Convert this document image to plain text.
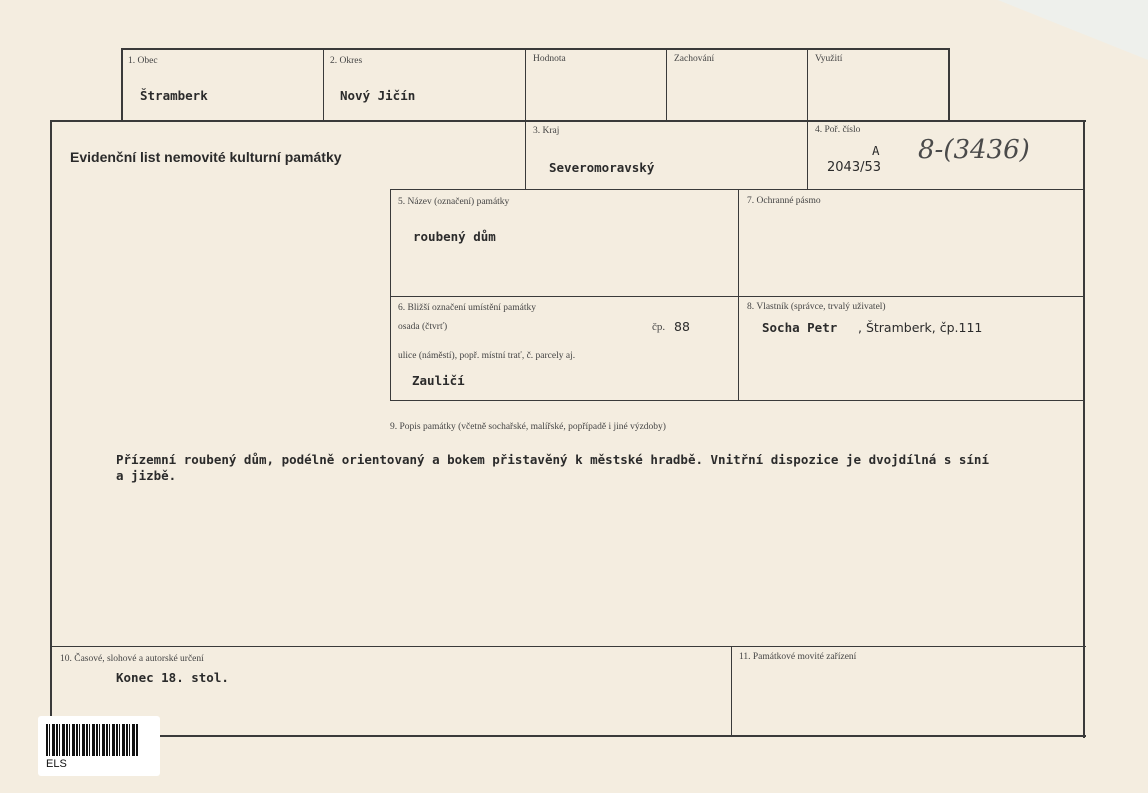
1. Obec
Štramberk
2. Okres
Nový Jičín
Hodnota	Zachování	Využití
Evidenční list nemovité kulturní památky
3. Kraj
Severomoravský
4. Poř. číslo
A
2043/53
8-(3436)
5. Název (označení) památky
roubený dům
7. Ochranné pásmo
6. Bližší označení umístění památky
osada (čtvrť)	čp. 88
ulice (náměstí), popř. místní trať, č. parcely aj.
Zauličí
8. Vlastník (správce, trvalý uživatel)
Socha Petr , Štramberk, čp.111
9. Popis památky (včetně sochařské, malířské, popřípadě i jiné výzdoby)
Přízemní roubený dům, podélně orientovaný a bokem přistavěný k městské hradbě. Vnitřní dispozice je dvojdílná s síní
a jizbě.
10. Časové, slohové a autorské určení
Konec 18. stol.
11. Památkové movité zařízení
ELS
